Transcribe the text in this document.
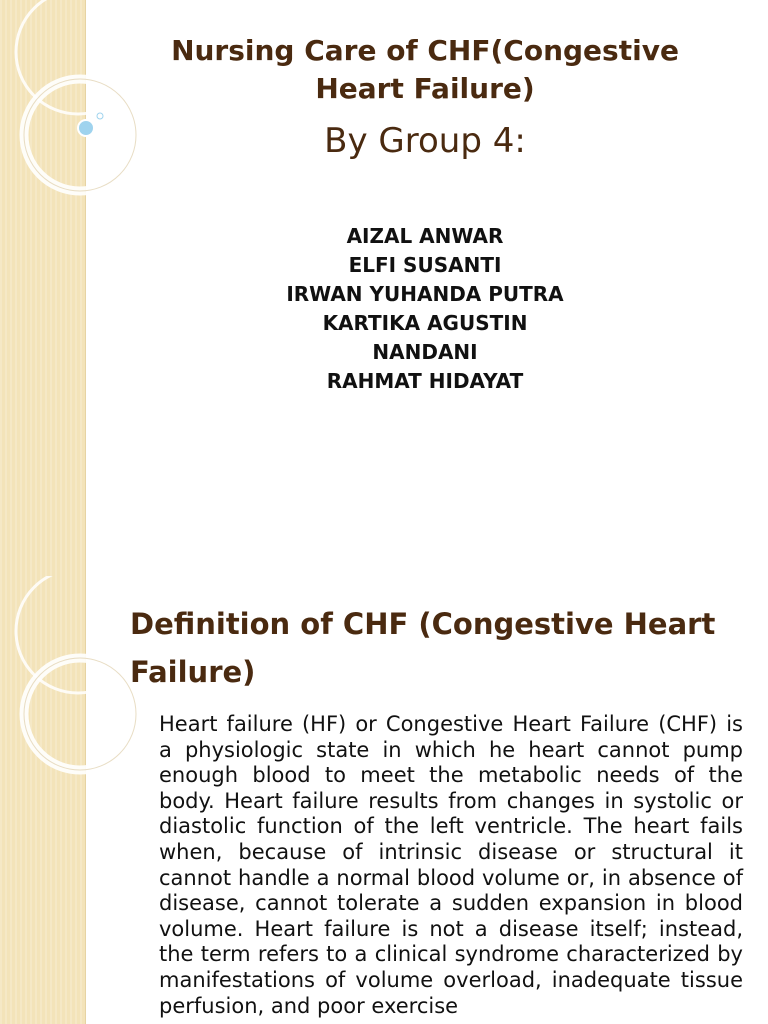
Nursing Care of CHF(Congestive Heart Failure)
By Group 4:
AIZAL ANWAR
ELFI SUSANTI
IRWAN YUHANDA PUTRA
KARTIKA AGUSTIN
NANDANI
RAHMAT HIDAYAT
Definition of CHF (Congestive Heart Failure)

Heart failure (HF) or Congestive Heart Failure (CHF) is a physiologic state in which he heart cannot pump enough blood to meet the metabolic needs of the body. Heart failure results from changes in systolic or diastolic function of the left ventricle. The heart fails when, because of intrinsic disease or structural it cannot handle a normal blood volume or, in absence of disease, cannot tolerate a sudden expansion in blood volume. Heart failure is not a disease itself; instead, the term refers to a clinical syndrome characterized by manifestations of volume overload, inadequate tissue perfusion, and poor exercise
